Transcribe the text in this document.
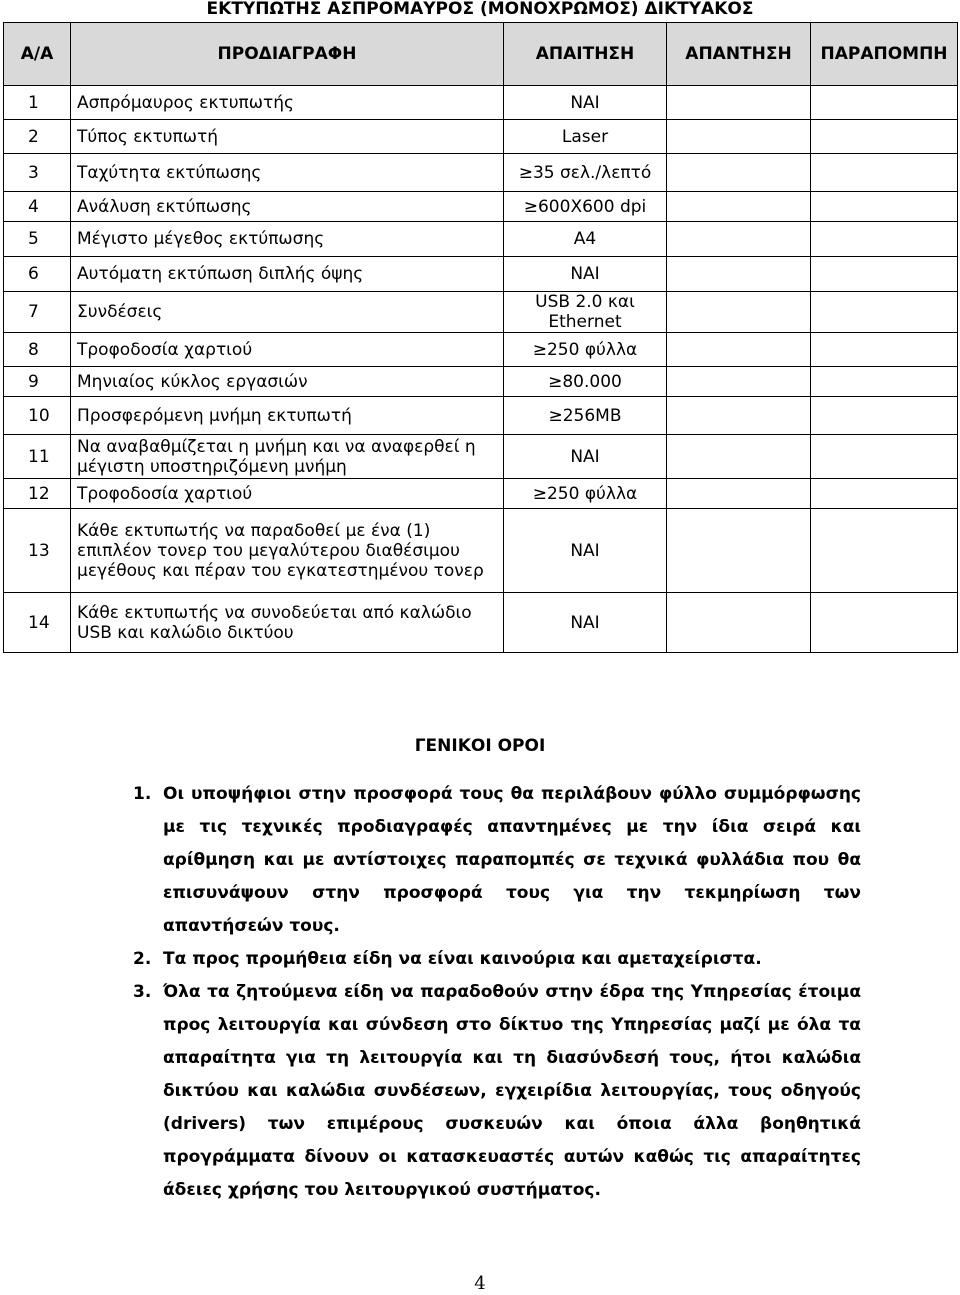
ΕΚΤΥΠΩΤΗΣ ΑΣΠΡΟΜΑΥΡΟΣ (ΜΟΝΟΧΡΩΜΟΣ) ΔΙΚΤΥΑΚΟΣ
Α/Α	ΠΡΟΔΙΑΓΡΑΦΗ	ΑΠΑΙΤΗΣΗ	ΑΠΑΝΤΗΣΗ	ΠΑΡΑΠΟΜΠΗ
1	Ασπρόμαυρος εκτυπωτής	ΝΑΙ		
2	Τύπος εκτυπωτή	Laser		
3	Ταχύτητα εκτύπωσης	≥35 σελ./λεπτό		
4	Ανάλυση εκτύπωσης	≥600X600 dpi		
5	Μέγιστο μέγεθος εκτύπωσης	A4		
6	Αυτόματη εκτύπωση διπλής όψης	ΝΑΙ		
7	Συνδέσεις	USB 2.0 και Ethernet		
8	Τροφοδοσία χαρτιού	≥250 φύλλα		
9	Μηνιαίος κύκλος εργασιών	≥80.000		
10	Προσφερόμενη μνήμη εκτυπωτή	≥256MB		
11	Να αναβαθμίζεται η μνήμη και να αναφερθεί η μέγιστη υποστηριζόμενη μνήμη	ΝΑΙ		
12	Τροφοδοσία χαρτιού	≥250 φύλλα		
13	Κάθε εκτυπωτής να παραδοθεί με ένα (1) επιπλέον τονερ του μεγαλύτερου διαθέσιμου μεγέθους και πέραν του εγκατεστημένου τονερ	ΝΑΙ		
14	Κάθε εκτυπωτής να συνοδεύεται από καλώδιο USB και καλώδιο δικτύου	ΝΑΙ		
ΓΕΝΙΚΟΙ ΟΡΟΙ
1. Οι υποψήφιοι στην προσφορά τους θα περιλάβουν φύλλο συμμόρφωσης με τις τεχνικές προδιαγραφές απαντημένες με την ίδια σειρά και αρίθμηση και με αντίστοιχες παραπομπές σε τεχνικά φυλλάδια που θα επισυνάψουν στην προσφορά τους για την τεκμηρίωση των απαντήσεών τους.
2. Τα προς προμήθεια είδη να είναι καινούρια και αμεταχείριστα.
3. Όλα τα ζητούμενα είδη να παραδοθούν στην έδρα της Υπηρεσίας έτοιμα προς λειτουργία και σύνδεση στο δίκτυο της Υπηρεσίας μαζί με όλα τα απαραίτητα για τη λειτουργία και τη διασύνδεσή τους, ήτοι καλώδια δικτύου και καλώδια συνδέσεων, εγχειρίδια λειτουργίας, τους οδηγούς (drivers) των επιμέρους συσκευών και όποια άλλα βοηθητικά προγράμματα δίνουν οι κατασκευαστές αυτών καθώς τις απαραίτητες άδειες χρήσης του λειτουργικού συστήματος.
4
